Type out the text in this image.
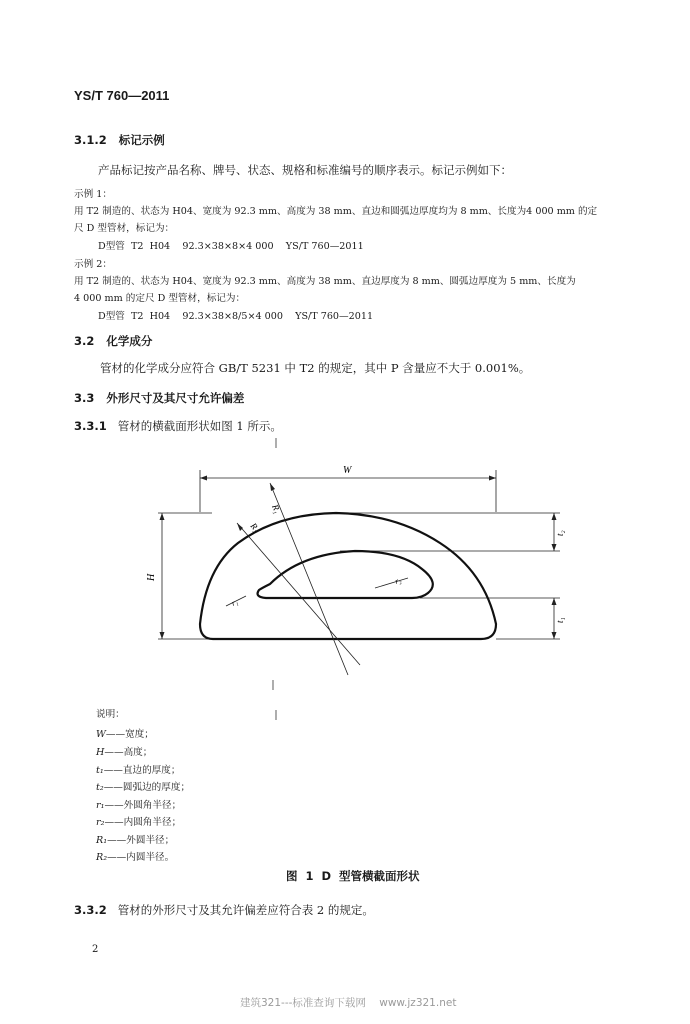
YS/T 760—2011
3.1.2 标记示例
产品标记按产品名称、牌号、状态、规格和标准编号的顺序表示。标记示例如下：
示例 1：
用 T2 制造的、状态为 H04、宽度为 92.3 mm、高度为 38 mm、直边和圆弧边厚度均为 8 mm、长度为4 000 mm 的定
尺 D 型管材，标记为：
D型管  T2  H04    92.3×38×8×4 000    YS/T 760—2011
示例 2：
用 T2 制造的、状态为 H04、宽度为 92.3 mm、高度为 38 mm、直边厚度为 8 mm、圆弧边厚度为 5 mm、长度为
4 000 mm 的定尺 D 型管材，标记为：
D型管  T2  H04    92.3×38×8/5×4 000    YS/T 760—2011
3.2 化学成分
管材的化学成分应符合 GB/T 5231 中 T2 的规定，其中 P 含量应不大于 0.001%。
3.3 外形尺寸及其尺寸允许偏差
3.3.1 管材的横截面形状如图 1 所示。
W
H
t₂
t₁
R₁
R₂
r₁
r₂
说明：
W——宽度；
H——高度；
t₁——直边的厚度；
t₂——圆弧边的厚度；
r₁——外圆角半径；
r₂——内圆角半径；
R₁——外圆半径；
R₂——内圆半径。
图 1 D 型管横截面形状
3.3.2 管材的外形尺寸及其允许偏差应符合表 2 的规定。
2
建筑321---标准查询下载网    www.jz321.net
